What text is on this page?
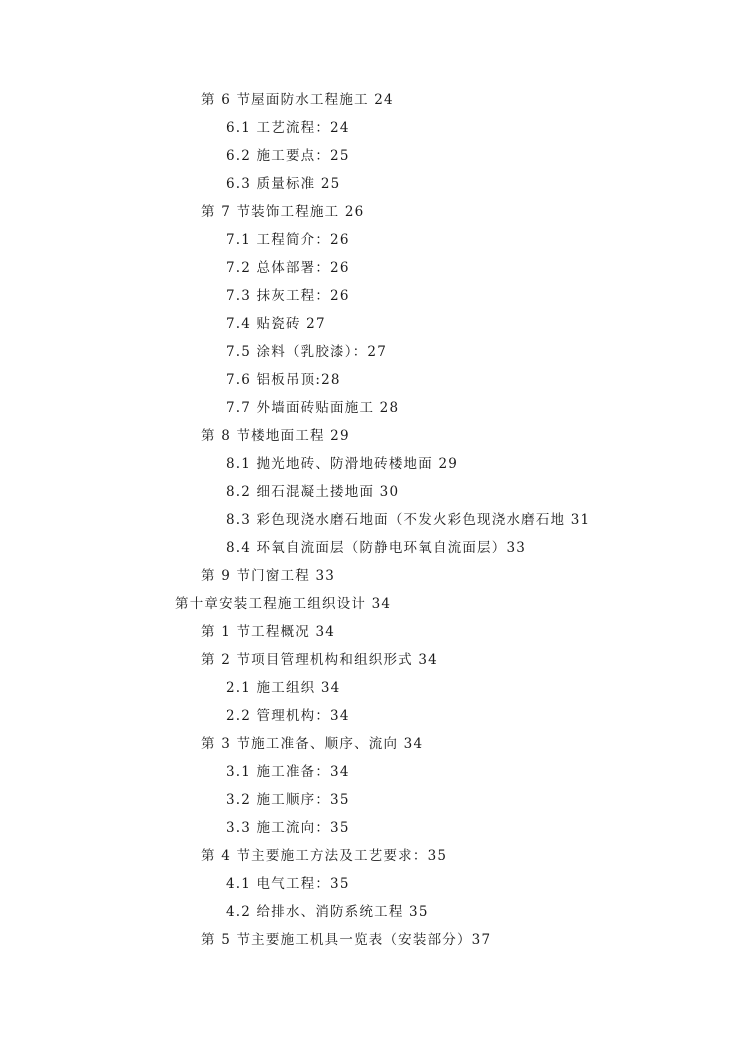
第 6 节屋面防水工程施工 24
6.1 工艺流程：24
6.2 施工要点：25
6.3 质量标准 25
第 7 节装饰工程施工 26
7.1 工程简介：26
7.2 总体部署：26
7.3 抹灰工程：26
7.4 贴瓷砖 27
7.5 涂料（乳胶漆）：27
7.6 铝板吊顶:28
7.7 外墙面砖贴面施工 28
第 8 节楼地面工程 29
8.1 抛光地砖、防滑地砖楼地面 29
8.2 细石混凝土搂地面 30
8.3 彩色现浇水磨石地面（不发火彩色现浇水磨石地 31
8.4 环氧自流面层（防静电环氧自流面层）33
第 9 节门窗工程 33
第十章安装工程施工组织设计 34
第 1 节工程概况 34
第 2 节项目管理机构和组织形式 34
2.1 施工组织 34
2.2 管理机构：34
第 3 节施工准备、顺序、流向 34
3.1 施工准备：34
3.2 施工顺序：35
3.3 施工流向：35
第 4 节主要施工方法及工艺要求：35
4.1 电气工程：35
4.2 给排水、消防系统工程 35
第 5 节主要施工机具一览表（安装部分）37
